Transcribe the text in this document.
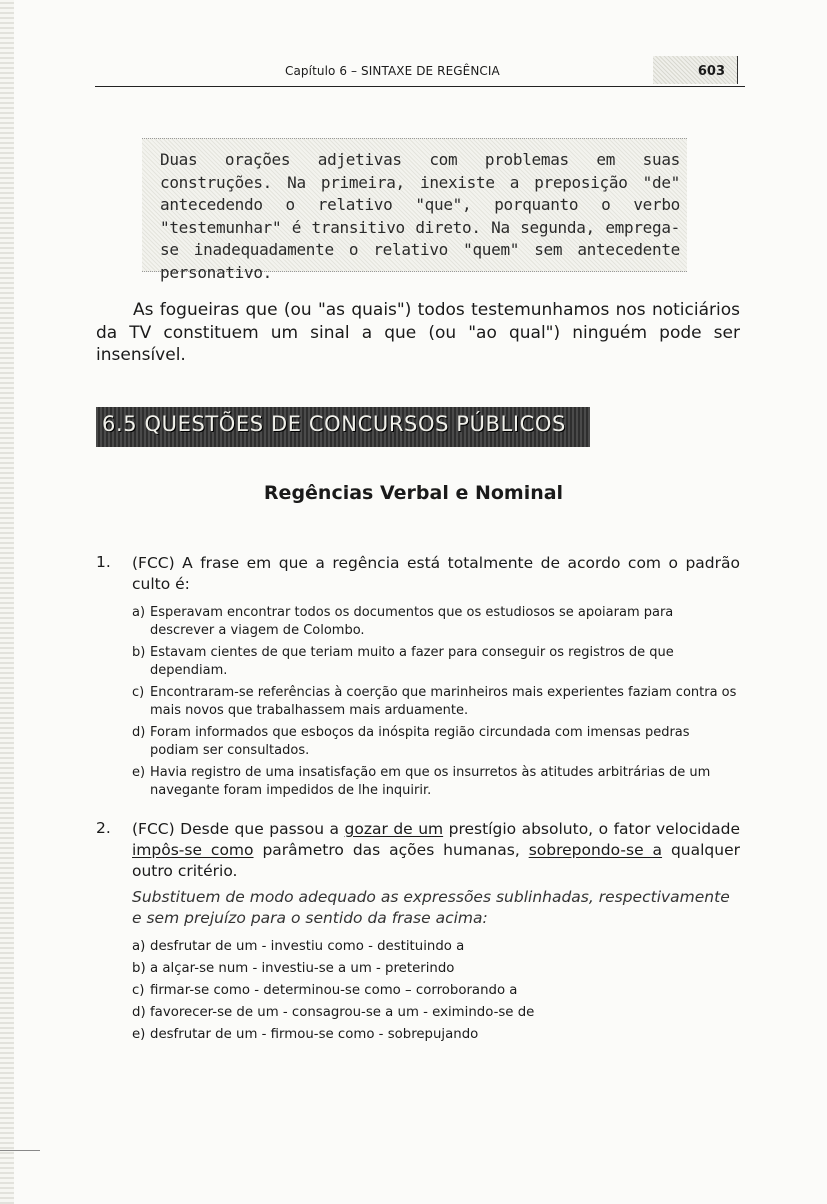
Capítulo 6 – SINTAXE DE REGÊNCIA	603
Duas orações adjetivas com problemas em suas construções. Na primeira, inexiste a preposição "de" antecedendo o relativo "que", porquanto o verbo "testemunhar" é transitivo direto. Na segunda, emprega-se inadequadamente o relativo "quem" sem antecedente personativo.
As fogueiras que (ou "as quais") todos testemunhamos nos noticiários da TV constituem um sinal a que (ou "ao qual") ninguém pode ser insensível.
6.5 QUESTÕES DE CONCURSOS PÚBLICOS
Regências Verbal e Nominal
1. (FCC) A frase em que a regência está totalmente de acordo com o padrão culto é:
a) Esperavam encontrar todos os documentos que os estudiosos se apoiaram para descrever a viagem de Colombo.
b) Estavam cientes de que teriam muito a fazer para conseguir os registros de que dependiam.
c) Encontraram-se referências à coerção que marinheiros mais experientes faziam contra os mais novos que trabalhassem mais arduamente.
d) Foram informados que esboços da inóspita região circundada com imensas pedras podiam ser consultados.
e) Havia registro de uma insatisfação em que os insurretos às atitudes arbitrárias de um navegante foram impedidos de lhe inquirir.
2. (FCC) Desde que passou a gozar de um prestígio absoluto, o fator velocidade impôs-se como parâmetro das ações humanas, sobrepondo-se a qualquer outro critério.
Substituem de modo adequado as expressões sublinhadas, respectivamente e sem prejuízo para o sentido da frase acima:
a) desfrutar de um - investiu como - destituindo a
b) a alçar-se num - investiu-se a um - preterindo
c) firmar-se como - determinou-se como – corroborando a
d) favorecer-se de um - consagrou-se a um - eximindo-se de
e) desfrutar de um - firmou-se como - sobrepujando
